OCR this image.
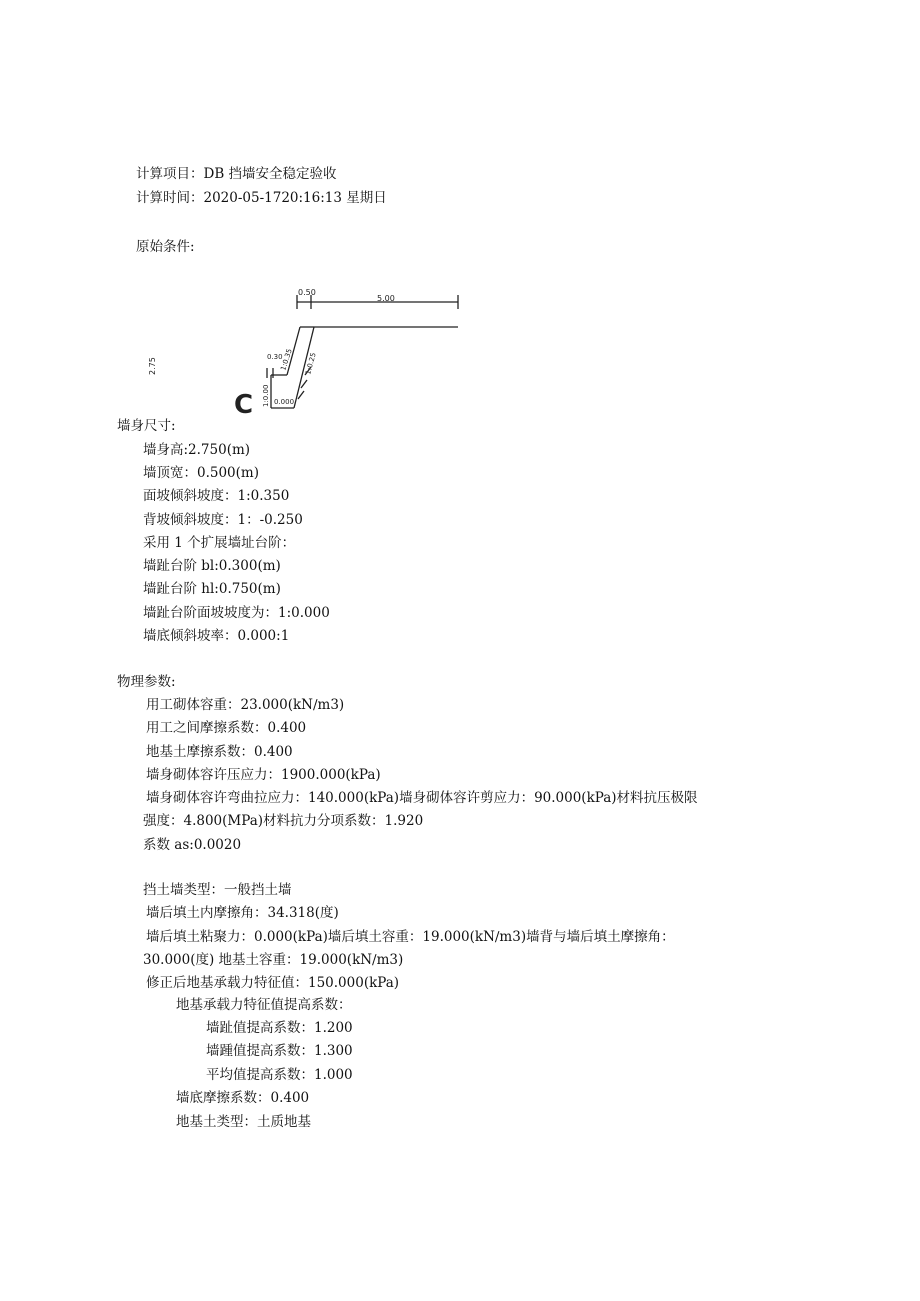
计算项目：DB 挡墙安全稳定验收
计算时间：2020-05-1720:16:13 星期日
原始条件:
0.50
5.00
2.75
0.30
1:0.35 1:0.25
1:0.00 0.000
C
墙身尺寸:
墙身高:2.750(m)
墙顶宽：0.500(m)
面坡倾斜坡度：1:0.350
背坡倾斜坡度：1：-0.250
采用 1 个扩展墙址台阶：
墙趾台阶 bl:0.300(m)
墙趾台阶 hl:0.750(m)
墙趾台阶面坡坡度为：1:0.000
墙底倾斜坡率：0.000:1
物理参数:
用工砌体容重：23.000(kN∕m3)
用工之间摩擦系数：0.400
地基土摩擦系数：0.400
墙身砌体容许压应力：1900.000(kPa)
墙身砌体容许弯曲拉应力：140.000(kPa)墙身砌体容许剪应力：90.000(kPa)材料抗压极限
强度：4.800(MPa)材料抗力分项系数：1.920
系数 as:0.0020
挡土墙类型：一般挡土墙
墙后填土内摩擦角：34.318(度)
墙后填土粘聚力：0.000(kPa)墙后填土容重：19.000(kN∕m3)墙背与墙后填土摩擦角：
30.000(度) 地基土容重：19.000(kN∕m3)
修正后地基承载力特征值：150.000(kPa)
地基承载力特征值提高系数：
墙趾值提高系数：1.200
墙踵值提高系数：1.300
平均值提高系数：1.000
墙底摩擦系数：0.400
地基土类型：土质地基
